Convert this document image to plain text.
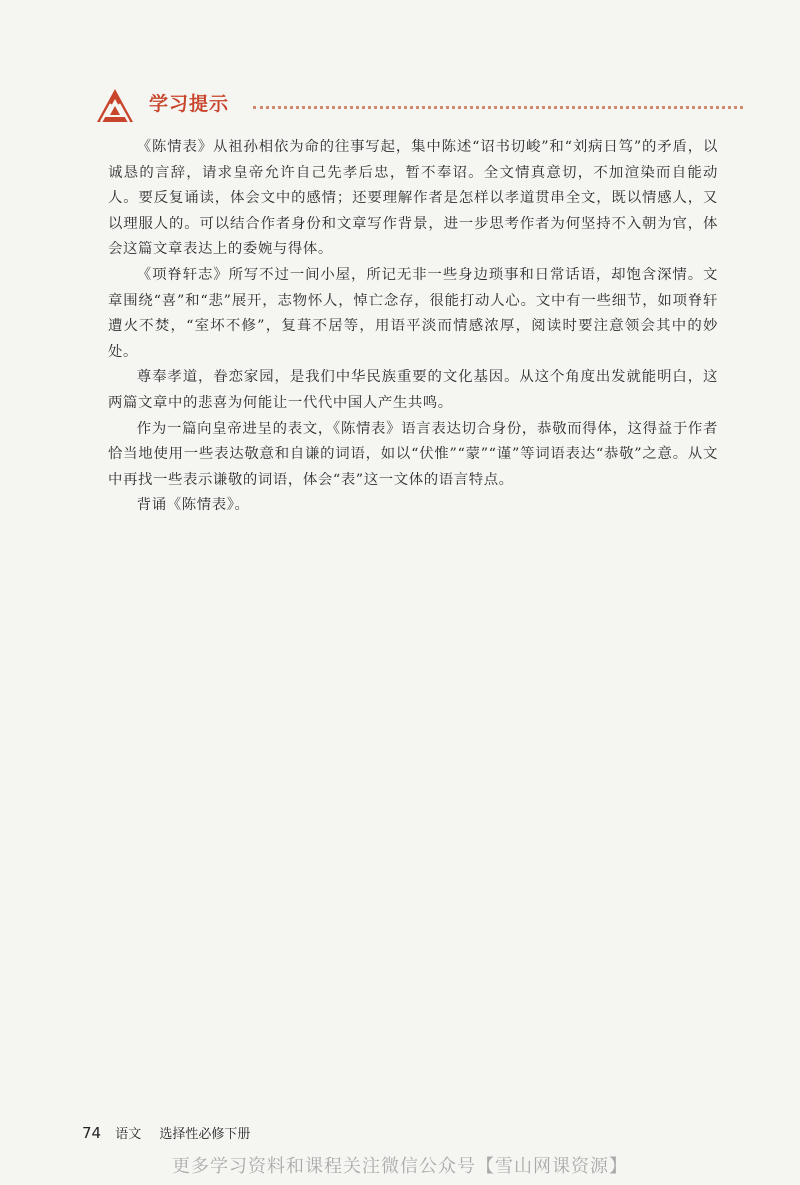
学习提示

《陈情表》从祖孙相依为命的往事写起，集中陈述“诏书切峻”和“刘病日笃”的矛盾，以诚恳的言辞，请求皇帝允许自己先孝后忠，暂不奉诏。全文情真意切，不加渲染而自能动人。要反复诵读，体会文中的感情；还要理解作者是怎样以孝道贯串全文，既以情感人，又以理服人的。可以结合作者身份和文章写作背景，进一步思考作者为何坚持不入朝为官，体会这篇文章表达上的委婉与得体。

《项脊轩志》所写不过一间小屋，所记无非一些身边琐事和日常话语，却饱含深情。文章围绕“喜”和“悲”展开，志物怀人，悼亡念存，很能打动人心。文中有一些细节，如项脊轩遭火不焚，“室坏不修”，复葺不居等，用语平淡而情感浓厚，阅读时要注意领会其中的妙处。

尊奉孝道，眷恋家园，是我们中华民族重要的文化基因。从这个角度出发就能明白，这两篇文章中的悲喜为何能让一代代中国人产生共鸣。

作为一篇向皇帝进呈的表文，《陈情表》语言表达切合身份，恭敬而得体，这得益于作者恰当地使用一些表达敬意和自谦的词语，如以“伏惟”“蒙”“谨”等词语表达“恭敬”之意。从文中再找一些表示谦敬的词语，体会“表”这一文体的语言特点。

背诵《陈情表》。

74 语文 选择性必修下册
更多学习资料和课程关注微信公众号【雪山网课资源】
